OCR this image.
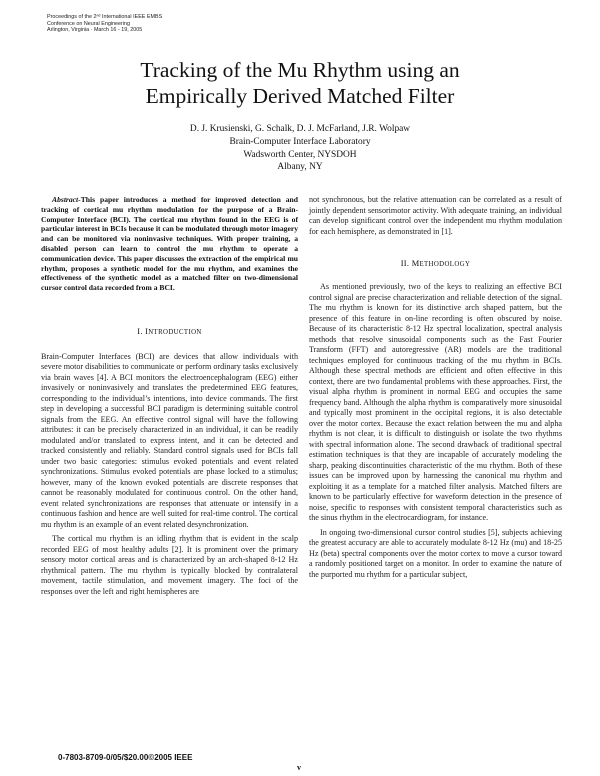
Proceedings of the 2ⁿᵈ International IEEE EMBS
Conference on Neural Engineering
Arlington, Virginia · March 16 - 19, 2005
Tracking of the Mu Rhythm using an
Empirically Derived Matched Filter
D. J. Krusienski, G. Schalk, D. J. McFarland, J.R. Wolpaw
Brain-Computer Interface Laboratory
Wadsworth Center, NYSDOH
Albany, NY

Abstract-This paper introduces a method for improved detection and tracking of cortical mu rhythm modulation for the purpose of a Brain-Computer Interface (BCI). The cortical mu rhythm found in the EEG is of particular interest in BCIs because it can be modulated through motor imagery and can be monitored via noninvasive techniques. With proper training, a disabled person can learn to control the mu rhythm to operate a communication device. This paper discusses the extraction of the empirical mu rhythm, proposes a synthetic model for the mu rhythm, and examines the effectiveness of the synthetic model as a matched filter on two-dimensional cursor control data recorded from a BCI.

I. INTRODUCTION

Brain-Computer Interfaces (BCI) are devices that allow individuals with severe motor disabilities to communicate or perform ordinary tasks exclusively via brain waves [4]. A BCI monitors the electroencephalogram (EEG) either invasively or noninvasively and translates the predetermined EEG features, corresponding to the individual’s intentions, into device commands. The first step in developing a successful BCI paradigm is determining suitable control signals from the EEG. An effective control signal will have the following attributes: it can be precisely characterized in an individual, it can be readily modulated and/or translated to express intent, and it can be detected and tracked consistently and reliably. Standard control signals used for BCIs fall under two basic categories: stimulus evoked potentials and event related synchronizations. Stimulus evoked potentials are phase locked to a stimulus; however, many of the known evoked potentials are discrete responses that cannot be reasonably modulated for continuous control. On the other hand, event related synchronizations are responses that attenuate or intensify in a continuous fashion and hence are well suited for real-time control. The cortical mu rhythm is an example of an event related desynchronization.

The cortical mu rhythm is an idling rhythm that is evident in the scalp recorded EEG of most healthy adults [2]. It is prominent over the primary sensory motor cortical areas and is characterized by an arch-shaped 8-12 Hz rhythmical pattern. The mu rhythm is typically blocked by contralateral movement, tactile stimulation, and movement imagery. The foci of the responses over the left and right hemispheres are

not synchronous, but the relative attenuation can be correlated as a result of jointly dependent sensorimotor activity. With adequate training, an individual can develop significant control over the independent mu rhythm modulation for each hemisphere, as demonstrated in [1].

II. METHODOLOGY

As mentioned previously, two of the keys to realizing an effective BCI control signal are precise characterization and reliable detection of the signal. The mu rhythm is known for its distinctive arch shaped pattern, but the presence of this feature in on-line recording is often obscured by noise. Because of its characteristic 8-12 Hz spectral localization, spectral analysis methods that resolve sinusoidal components such as the Fast Fourier Transform (FFT) and autoregressive (AR) models are the traditional techniques employed for continuous tracking of the mu rhythm in BCIs. Although these spectral methods are efficient and often effective in this context, there are two fundamental problems with these approaches. First, the visual alpha rhythm is prominent in normal EEG and occupies the same frequency band. Although the alpha rhythm is comparatively more sinusoidal and typically most prominent in the occipital regions, it is also detectable over the motor cortex. Because the exact relation between the mu and alpha rhythm is not clear, it is difficult to distinguish or isolate the two rhythms with spectral information alone. The second drawback of traditional spectral estimation techniques is that they are incapable of accurately modeling the sharp, peaking discontinuities characteristic of the mu rhythm. Both of these issues can be improved upon by harnessing the canonical mu rhythm and exploiting it as a template for a matched filter analysis. Matched filters are known to be particularly effective for waveform detection in the presence of noise, specific to responses with consistent temporal characteristics such as the sinus rhythm in the electrocardiogram, for instance.

In ongoing two-dimensional cursor control studies [5], subjects achieving the greatest accuracy are able to accurately modulate 8-12 Hz (mu) and 18-25 Hz (beta) spectral components over the motor cortex to move a cursor toward a randomly positioned target on a monitor. In order to examine the nature of the purported mu rhythm for a particular subject,

0-7803-8709-0/05/$20.00©2005 IEEE
v
